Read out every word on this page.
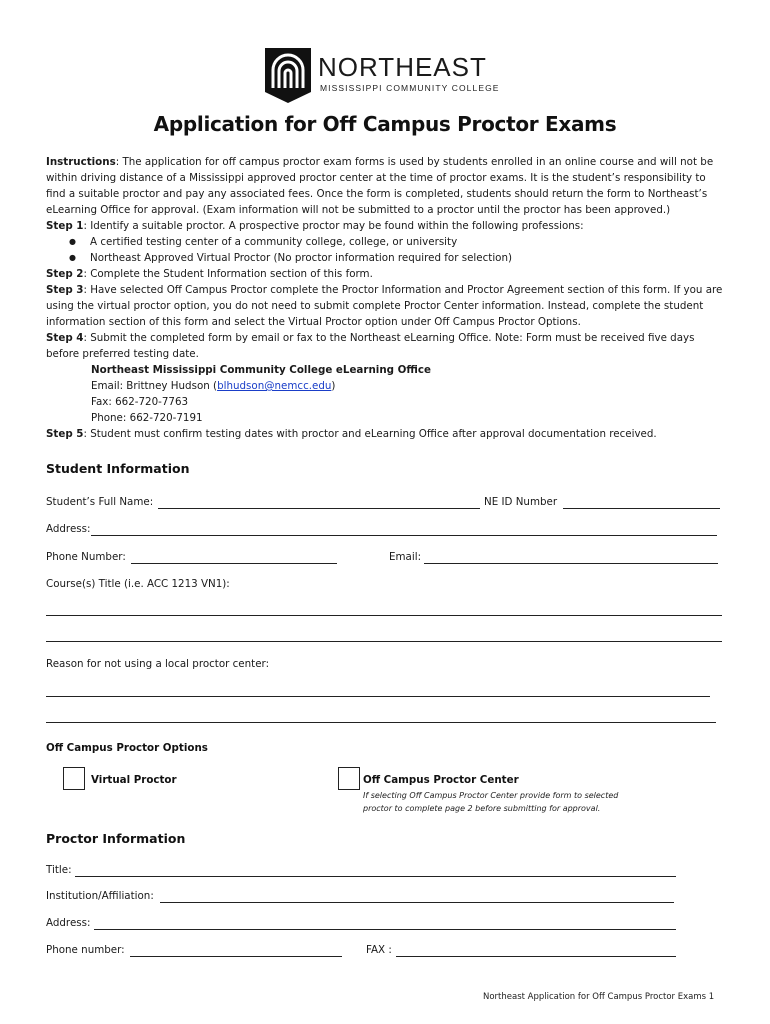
NORTHEAST
MISSISSIPPI COMMUNITY COLLEGE
Application for Off Campus Proctor Exams

Instructions: The application for off campus proctor exam forms is used by students enrolled in an online course and will not be within driving distance of a Mississippi approved proctor center at the time of proctor exams. It is the student’s responsibility to find a suitable proctor and pay any associated fees. Once the form is completed, students should return the form to Northeast’s eLearning Office for approval. (Exam information will not be submitted to a proctor until the proctor has been approved.)

Step 1: Identify a suitable proctor. A prospective proctor may be found within the following professions:

● A certified testing center of a community college, college, or university

● Northeast Approved Virtual Proctor (No proctor information required for selection)

Step 2: Complete the Student Information section of this form.

Step 3: Have selected Off Campus Proctor complete the Proctor Information and Proctor Agreement section of this form. If you are using the virtual proctor option, you do not need to submit complete Proctor Center information. Instead, complete the student information section of this form and select the Virtual Proctor option under Off Campus Proctor Options.

Step 4: Submit the completed form by email or fax to the Northeast eLearning Office. Note: Form must be received five days before preferred testing date.

Northeast Mississippi Community College eLearning Office

Email: Brittney Hudson (blhudson@nemcc.edu)

Fax: 662-720-7763

Phone: 662-720-7191

Step 5: Student must confirm testing dates with proctor and eLearning Office after approval documentation received.

Student Information
Student’s Full Name:	NE ID Number
Address:
Phone Number:	Email:
Course(s) Title (i.e. ACC 1213 VN1):
Reason for not using a local proctor center:
Off Campus Proctor Options
Virtual Proctor	Off Campus Proctor Center
If selecting Off Campus Proctor Center provide form to selected
proctor to complete page 2 before submitting for approval.
Proctor Information
Title:
Institution/Affiliation:
Address:
Phone number:	FAX :
Northeast Application for Off Campus Proctor Exams 1
